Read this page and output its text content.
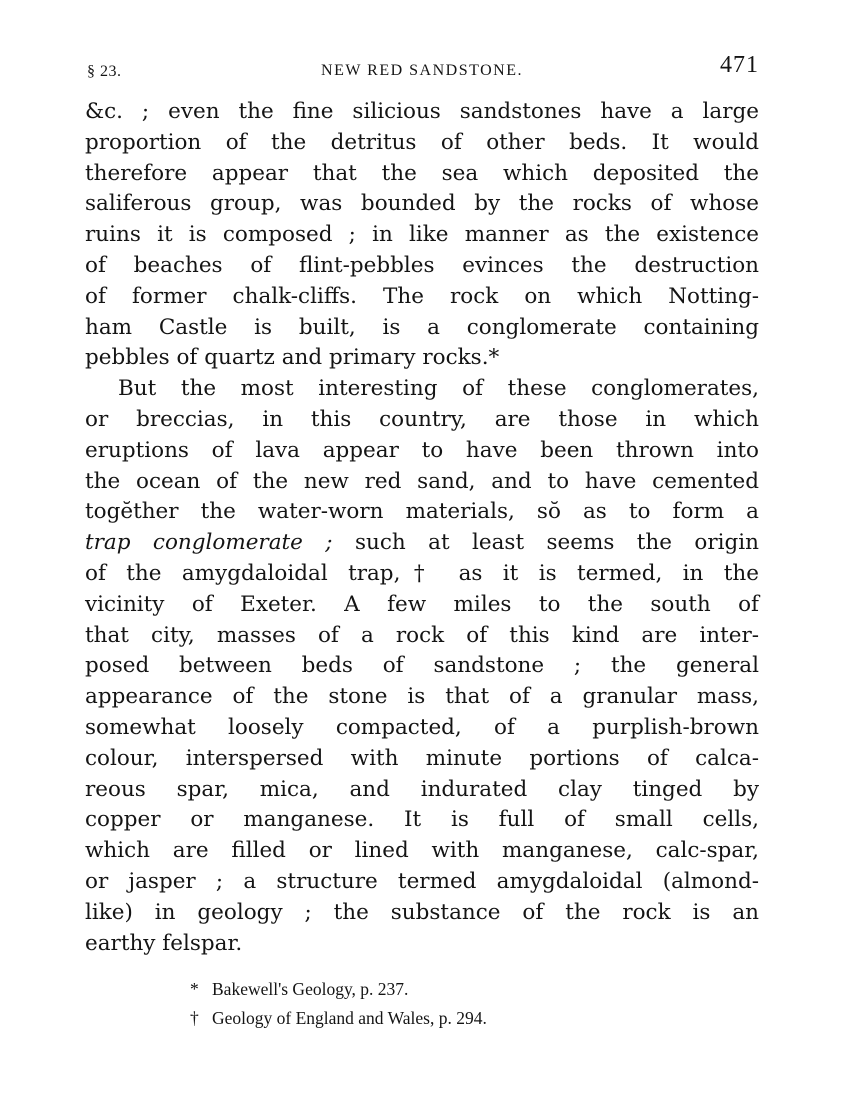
§ 23.	NEW RED SANDSTONE.	471
&c. ; even the fine silicious sandstones have a large
proportion of the detritus of other beds. It would
therefore appear that the sea which deposited the
saliferous group, was bounded by the rocks of whose
ruins it is composed ; in like manner as the existence
of beaches of flint-pebbles evinces the destruction
of former chalk-cliffs. The rock on which Notting-
ham Castle is built, is a conglomerate containing
pebbles of quartz and primary rocks.*
But the most interesting of these conglomerates,
or breccias, in this country, are those in which
eruptions of lava appear to have been thrown into
the ocean of the new red sand, and to have cemented
togĕther the water-worn materials, sŏ as to form a
trap conglomerate ; such at least seems the origin
of the amygdaloidal trap,† as it is termed, in the
vicinity of Exeter. A few miles to the south of
that city, masses of a rock of this kind are inter-
posed between beds of sandstone ; the general
appearance of the stone is that of a granular mass,
somewhat loosely compacted, of a purplish-brown
colour, interspersed with minute portions of calca-
reous spar, mica, and indurated clay tinged by
copper or manganese. It is full of small cells,
which are filled or lined with manganese, calc-spar,
or jasper ; a structure termed amygdaloidal (almond-
like) in geology ; the substance of the rock is an
earthy felspar.
* Bakewell's Geology, p. 237.
† Geology of England and Wales, p. 294.
